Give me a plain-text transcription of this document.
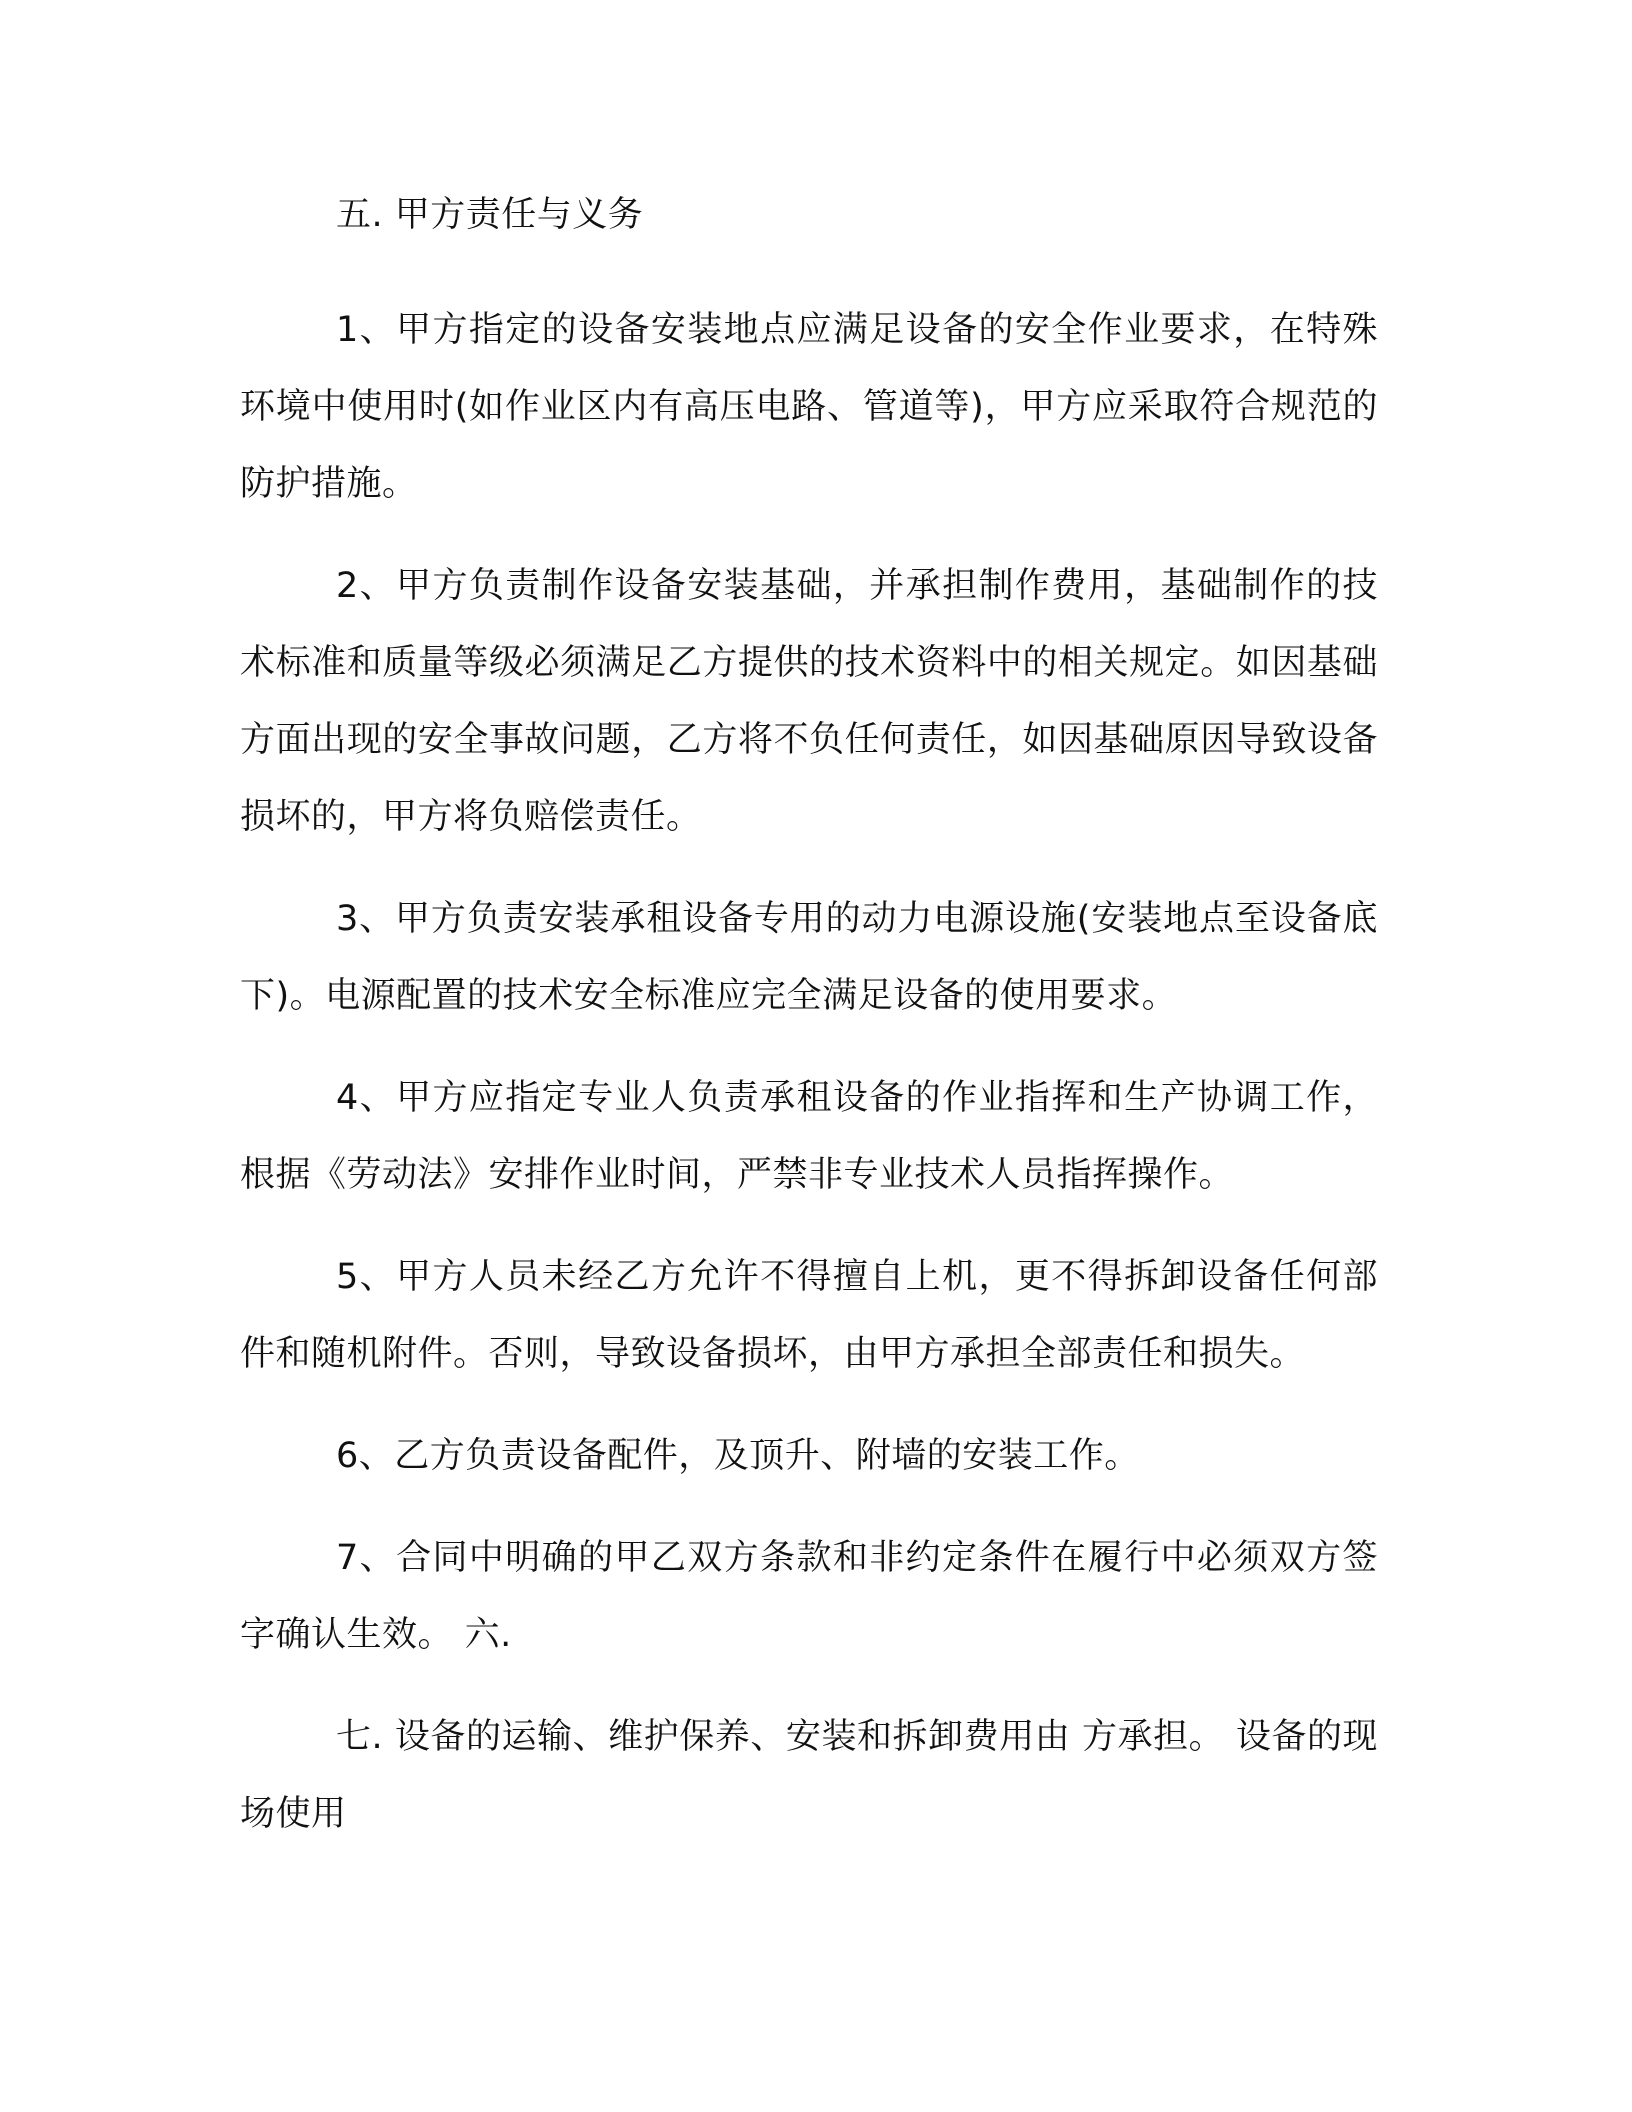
五. 甲方责任与义务

1、甲方指定的设备安装地点应满足设备的安全作业要求，在特殊环境中使用时(如作业区内有高压电路、管道等)，甲方应采取符合规范的防护措施。

2、甲方负责制作设备安装基础，并承担制作费用，基础制作的技术标准和质量等级必须满足乙方提供的技术资料中的相关规定。如因基础方面出现的安全事故问题，乙方将不负任何责任，如因基础原因导致设备损坏的，甲方将负赔偿责任。

3、甲方负责安装承租设备专用的动力电源设施(安装地点至设备底下)。电源配置的技术安全标准应完全满足设备的使用要求。

4、甲方应指定专业人负责承租设备的作业指挥和生产协调工作，根据《劳动法》安排作业时间，严禁非专业技术人员指挥操作。

5、甲方人员未经乙方允许不得擅自上机，更不得拆卸设备任何部件和随机附件。否则，导致设备损坏，由甲方承担全部责任和损失。

6、乙方负责设备配件，及顶升、附墙的安装工作。

7、合同中明确的甲乙双方条款和非约定条件在履行中必须双方签字确认生效。 六.

七. 设备的运输、维护保养、安装和拆卸费用由 方承担。 设备的现场使用
